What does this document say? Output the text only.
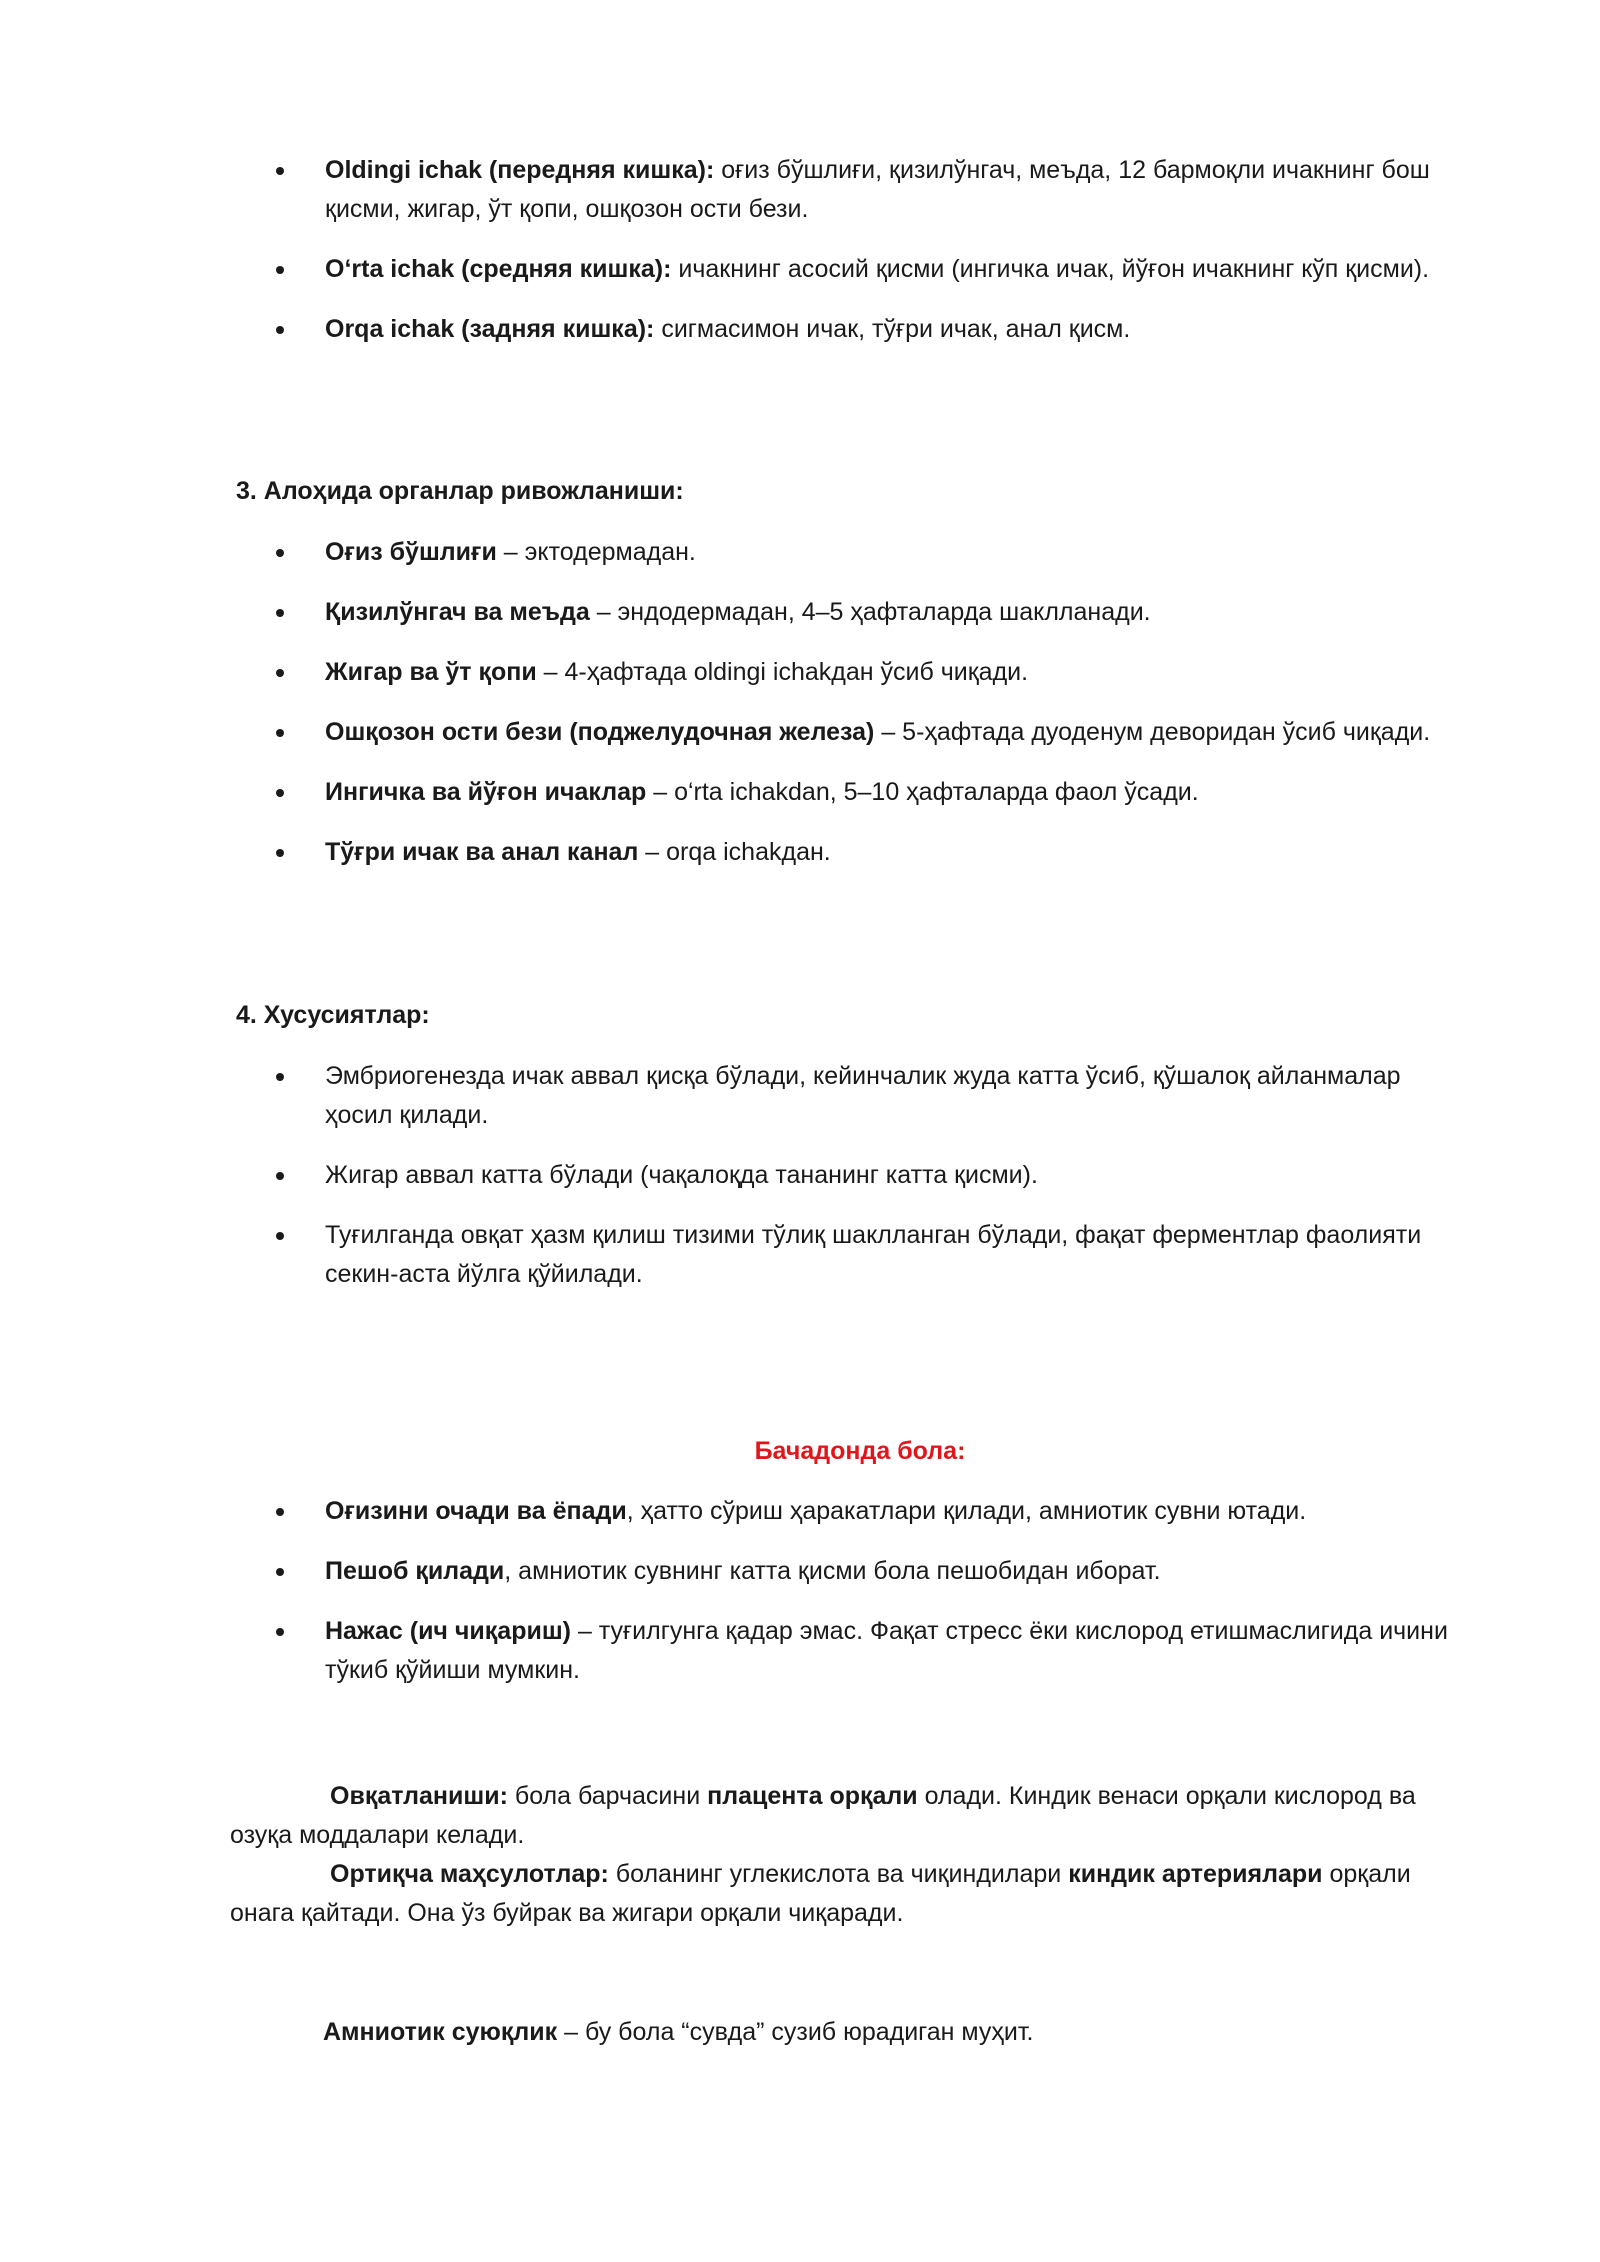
Oldingi ichak (передняя кишка): оғиз бўшлиғи, қизилўнгач, меъда, 12 бармоқли ичакнинг бош қисми, жигар, ўт қопи, ошқозон ости бези.
O‘rta ichak (средняя кишка): ичакнинг асосий қисми (ингичка ичак, йўғон ичакнинг кўп қисми).
Orqa ichak (задняя кишка): сигмасимон ичак, тўғри ичак, анал қисм.
3. Алоҳида органлар ривожланиши:
Оғиз бўшлиғи – эктодермадан.
Қизилўнгач ва меъда – эндодермадан, 4–5 ҳафталарда шаклланади.
Жигар ва ўт қопи – 4-ҳафтада oldingi ichakдан ўсиб чиқади.
Ошқозон ости бези (поджелудочная железа) – 5-ҳафтада дуоденум деворидан ўсиб чиқади.
Ингичка ва йўғон ичаклар – o‘rta ichakdan, 5–10 ҳафталарда фаол ўсади.
Тўғри ичак ва анал канал – orqa ichakдан.
4. Хусусиятлар:
Эмбриогенезда ичак аввал қисқа бўлади, кейинчалик жуда катта ўсиб, қўшалоқ айланмалар ҳосил қилади.
Жигар аввал катта бўлади (чақалоқда тананинг катта қисми).
Туғилганда овқат ҳазм қилиш тизими тўлиқ шаклланган бўлади, фақат ферментлар фаолияти секин-аста йўлга қўйилади.
Бачадонда бола:
Оғизини очади ва ёпади, ҳатто сўриш ҳаракатлари қилади, амниотик сувни ютади.
Пешоб қилади, амниотик сувнинг катта қисми бола пешобидан иборат.
Нажас (ич чиқариш) – туғилгунга қадар эмас. Фақат стресс ёки кислород етишмаслигида ичини тўкиб қўйиши мумкин.
Овқатланиши: бола барчасини плацента орқали олади. Киндик венаси орқали кислород ва озуқа моддалари келади.
Ортиқча маҳсулотлар: боланинг углекислота ва чиқиндилари киндик артериялари орқали онага қайтади. Она ўз буйрак ва жигари орқали чиқаради.
Амниотик суюқлик – бу бола “сувда” сузиб юрадиган муҳит.
